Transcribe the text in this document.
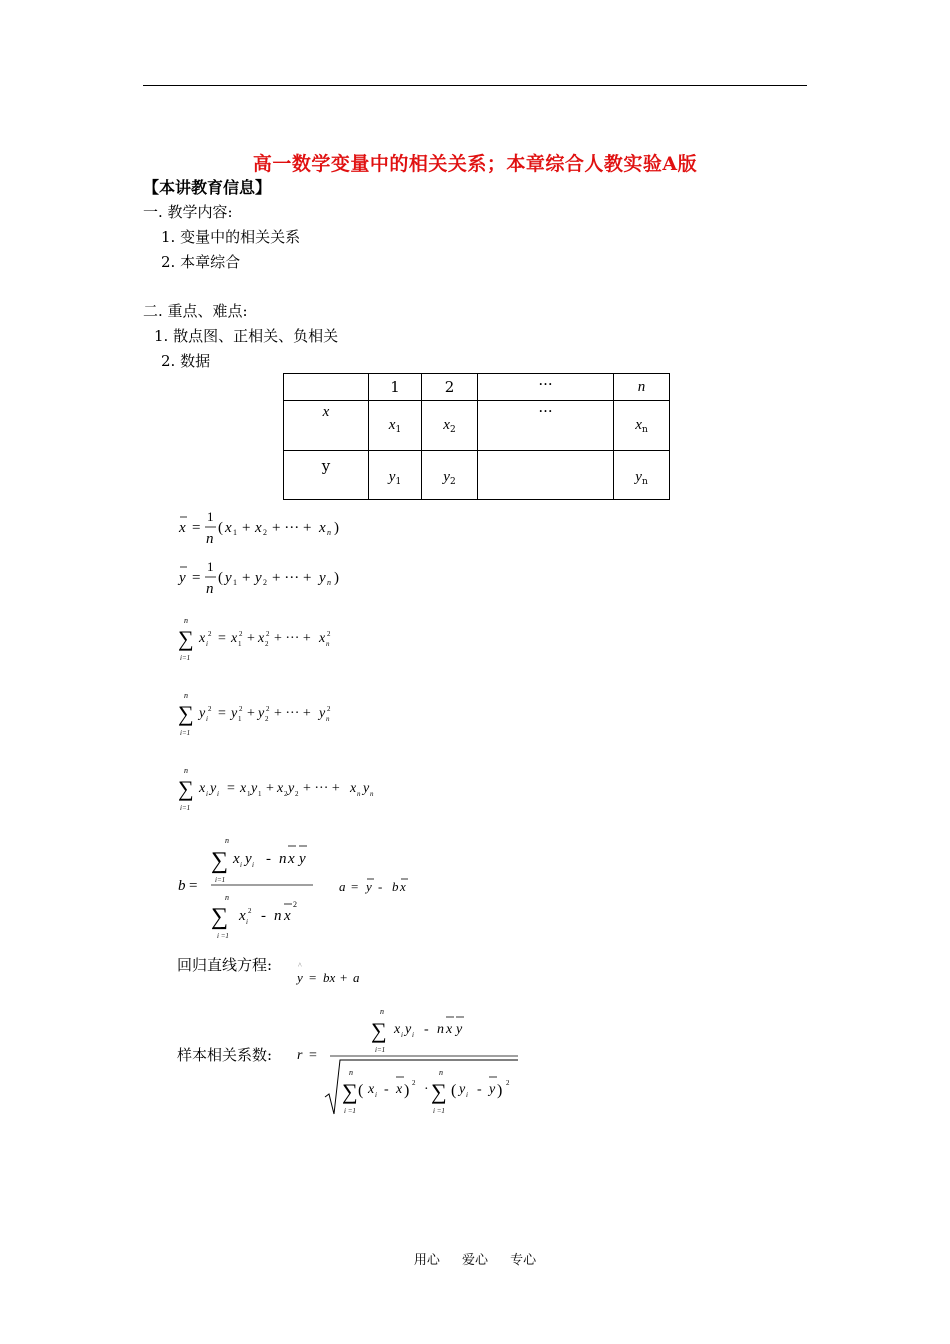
高一数学变量中的相关关系；本章综合人教实验A版
【本讲教育信息】
一. 教学内容:
1. 变量中的相关关系
2. 本章综合
二. 重点、难点:
1. 散点图、正相关、负相关
2. 数据
	1	2	···	n
x	$x_1$	$x_2$	···	$x_n$
y	$y_1$	$y_2$		$y_n$
x =
1
n
( x 1 + x 2 + ··· + x n )
y =
1
n
( y 1 + y 2 + ··· + y n )
n
∑
i=1
x i
2 = x 1
2 + x 2
2 + ··· + x n
2
n
∑
i=1
y i
2 = y 1
2 + y 2
2 + ··· + y n
2
n
∑
i=1
x i y i = x 1 y 1 + x 2 y 2 + ··· + x n y n
b =
n
∑
i=1
x i y i - n x y
n
∑
i =1
x i
2 - n x
2
a = y - b x
回归直线方程:	^
y = bx + a
样本相关系数: r =
n
∑
i=1
x i y i - n x y
n
∑
i =1
( x i - x ) 2 ·
n
∑
i =1
( y i - y ) 2
用心 爱心 专心
